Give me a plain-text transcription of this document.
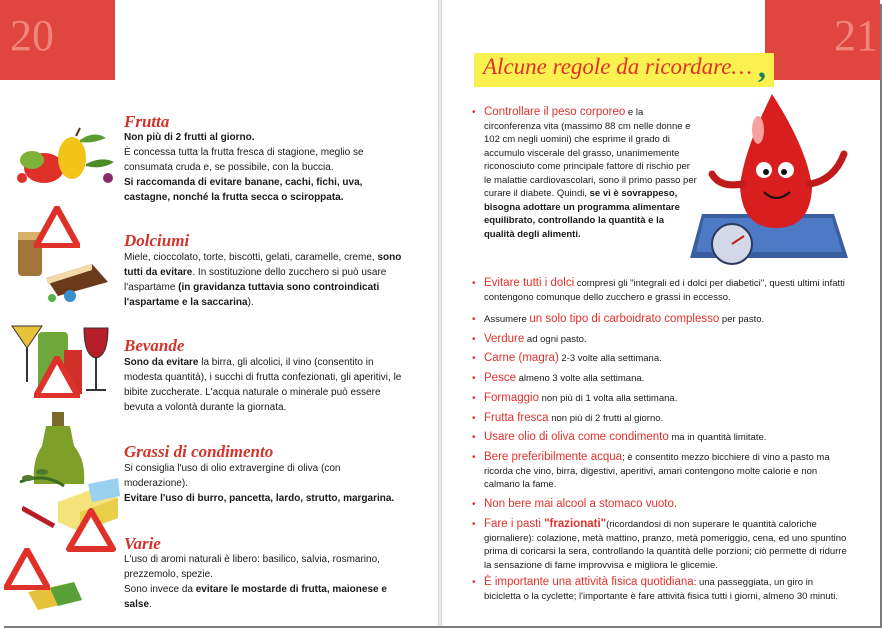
20
Frutta

Non più di 2 frutti al giorno.

È concessa tutta la frutta fresca di stagione, meglio se consumata cruda e, se possibile, con la buccia.

Si raccomanda di evitare banane, cachi, fichi, uva, castagne, nonché la frutta secca o sciroppata.

Dolciumi

Miele, cioccolato, torte, biscotti, gelati, caramelle, creme, sono tutti da evitare. In sostituzione dello zucchero si può usare l'aspartame (in gravidanza tuttavia sono controindicati l'aspartame e la saccarina).

Bevande

Sono da evitare la birra, gli alcolici, il vino (consentito in modesta quantità), i succhi di frutta confezionati, gli aperitivi, le bibite zuccherate. L'acqua naturale o minerale può essere bevuta a volontà durante la giornata.

Grassi di condimento

Si consiglia l'uso di olio extravergine di oliva (con moderazione).

Evitare l'uso di burro, pancetta, lardo, strutto, margarina.

Varie

L'uso di aromi naturali è libero: basilico, salvia, rosmarino, prezzemolo, spezie.

Sono invece da evitare le mostarde di frutta, maionese e salse.

21
Alcune regole da ricordare… ,
• Controllare il peso corporeo e la circonferenza vita (massimo 88 cm nelle donne e 102 cm negli uomini) che esprime il grado di accumulo viscerale del grasso, unanimemente riconosciuto come principale fattore di rischio per le malattie cardiovascolari, sono il primo passo per curare il diabete. Quindi, se vi è sovrappeso, bisogna adottare un programma alimentare equilibrato, controllando la quantità e la qualità degli alimenti.
• Evitare tutti i dolci compresi gli "integrali ed i dolci per diabetici", questi ultimi infatti contengono comunque dello zucchero e grassi in eccesso.
• Assumere un solo tipo di carboidrato complesso per pasto.
• Verdure ad ogni pasto.
• Carne (magra) 2-3 volte alla settimana.
• Pesce almeno 3 volte alla settimana.
• Formaggio non più di 1 volta alla settimana.
• Frutta fresca non più di 2 frutti al giorno.
• Usare olio di oliva come condimento ma in quantità limitate.
• Bere preferibilmente acqua; è consentito mezzo bicchiere di vino a pasto ma ricorda che vino, birra, digestivi, aperitivi, amari contengono molte calorie e non calmano la fame.
• Non bere mai alcool a stomaco vuoto.
• Fare i pasti "frazionati"(ricordandosi di non superare le quantità caloriche giornaliere): colazione, metà mattino, pranzo, metà pomeriggio, cena, ed uno spuntino prima di coricarsi la sera, controllando la quantità delle porzioni; ciò permette di ridurre la sensazione di fame improvvisa e migliora le glicemie.
• È importante una attività fisica quotidiana: una passeggiata, un giro in bicicletta o la cyclette; l'importante è fare attività fisica tutti i giorni, almeno 30 minuti.
